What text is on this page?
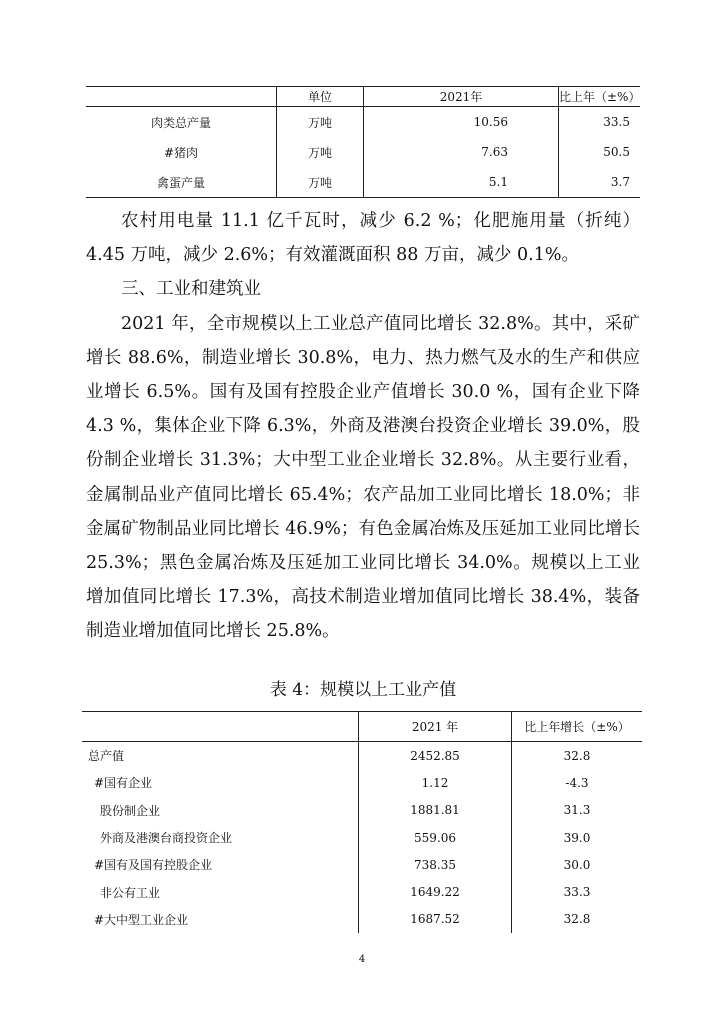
	单位	2021年	比上年（±%）
肉类总产量	万吨	10.56	33.5
#猪肉	万吨	7.63	50.5
禽蛋产量	万吨	5.1	3.7

农村用电量 11.1 亿千瓦时，减少 6.2 %；化肥施用量（折纯）4.45 万吨，减少 2.6%；有效灌溉面积 88 万亩，减少 0.1%。

三、工业和建筑业

2021 年，全市规模以上工业总产值同比增长 32.8%。其中，采矿增长 88.6%，制造业增长 30.8%，电力、热力燃气及水的生产和供应业增长 6.5%。国有及国有控股企业产值增长 30.0 %，国有企业下降 4.3 %，集体企业下降 6.3%，外商及港澳台投资企业增长 39.0%，股份制企业增长 31.3%；大中型工业企业增长 32.8%。从主要行业看，金属制品业产值同比增长 65.4%；农产品加工业同比增长 18.0%；非金属矿物制品业同比增长 46.9%；有色金属冶炼及压延加工业同比增长 25.3%；黑色金属冶炼及压延加工业同比增长 34.0%。规模以上工业增加值同比增长 17.3%，高技术制造业增加值同比增长 38.4%，装备制造业增加值同比增长 25.8%。

表 4：规模以上工业产值
	2021 年	比上年增长（±%）
总产值	2452.85	32.8
#国有企业	1.12	-4.3
股份制企业	1881.81	31.3
外商及港澳台商投资企业	559.06	39.0
#国有及国有控股企业	738.35	30.0
非公有工业	1649.22	33.3
#大中型工业企业	1687.52	32.8
4
